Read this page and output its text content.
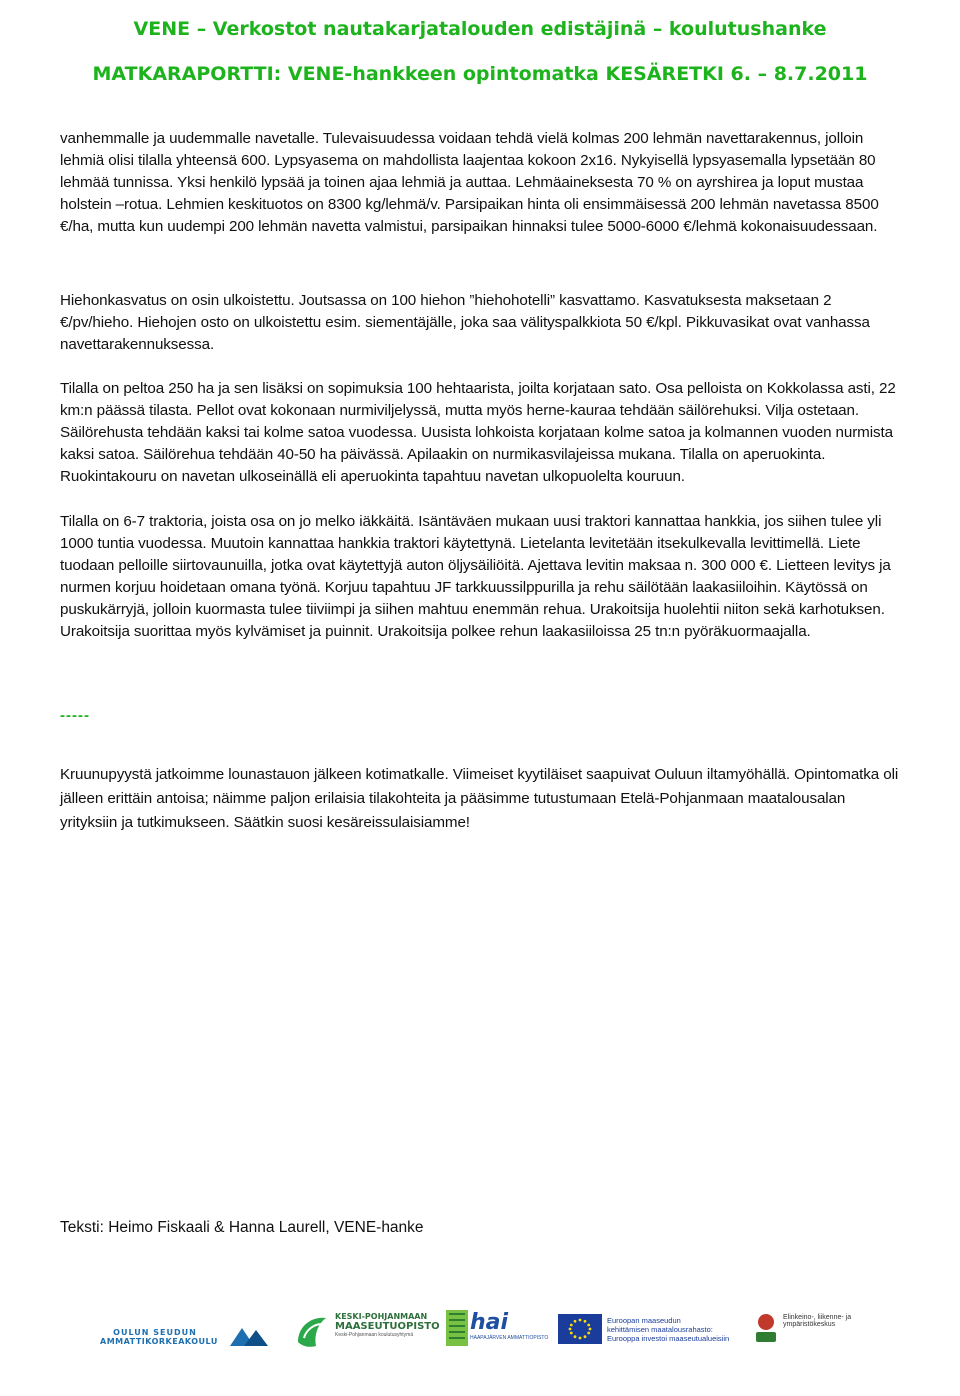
VENE – Verkostot nautakarjatalouden edistäjinä – koulutushanke
MATKARAPORTTI: VENE-hankkeen opintomatka KESÄRETKI 6. – 8.7.2011

vanhemmalle ja uudemmalle navetalle. Tulevaisuudessa voidaan tehdä vielä kolmas 200 lehmän navettarakennus, jolloin lehmiä olisi tilalla yhteensä 600. Lypsyasema on mahdollista laajentaa kokoon 2x16. Nykyisellä lypsyasemalla lypsetään 80 lehmää tunnissa. Yksi henkilö lypsää ja toinen ajaa lehmiä ja auttaa. Lehmäaineksesta 70 % on ayrshirea ja loput mustaa holstein –rotua. Lehmien keskituotos on 8300 kg/lehmä/v. Parsipaikan hinta oli ensimmäisessä 200 lehmän navetassa 8500 €/ha, mutta kun uudempi 200 lehmän navetta valmistui, parsipaikan hinnaksi tulee 5000-6000 €/lehmä kokonaisuudessaan.

Hiehonkasvatus on osin ulkoistettu. Joutsassa on 100 hiehon ”hiehohotelli” kasvattamo. Kasvatuksesta maksetaan 2 €/pv/hieho. Hiehojen osto on ulkoistettu esim. siementäjälle, joka saa välityspalkkiota 50 €/kpl. Pikkuvasikat ovat vanhassa navettarakennuksessa.

Tilalla on peltoa 250 ha ja sen lisäksi on sopimuksia 100 hehtaarista, joilta korjataan sato. Osa pelloista on Kokkolassa asti, 22 km:n päässä tilasta. Pellot ovat kokonaan nurmiviljelyssä, mutta myös herne-kauraa tehdään säilörehuksi. Vilja ostetaan. Säilörehusta tehdään kaksi tai kolme satoa vuodessa. Uusista lohkoista korjataan kolme satoa ja kolmannen vuoden nurmista kaksi satoa. Säilörehua tehdään 40-50 ha päivässä. Apilaakin on nurmikasvilajeissa mukana. Tilalla on aperuokinta. Ruokintakouru on navetan ulkoseinällä eli aperuokinta tapahtuu navetan ulkopuolelta kouruun.

Tilalla on 6-7 traktoria, joista osa on jo melko iäkkäitä. Isäntäväen mukaan uusi traktori kannattaa hankkia, jos siihen tulee yli 1000 tuntia vuodessa. Muutoin kannattaa hankkia traktori käytettynä. Lietelanta levitetään itsekulkevalla levittimellä. Liete tuodaan pelloille siirtovaunuilla, jotka ovat käytettyjä auton öljysäiliöitä. Ajettava levitin maksaa n. 300 000 €. Lietteen levitys ja nurmen korjuu hoidetaan omana työnä. Korjuu tapahtuu JF tarkkuussilppurilla ja rehu säilötään laakasiiloihin. Käytössä on puskukärryjä, jolloin kuormasta tulee tiiviimpi ja siihen mahtuu enemmän rehua. Urakoitsija huolehtii niiton sekä karhotuksen. Urakoitsija suorittaa myös kylvämiset ja puinnit. Urakoitsija polkee rehun laakasiiloissa 25 tn:n pyöräkuormaajalla.

-----

Kruunupyystä jatkoimme lounastauon jälkeen kotimatkalle. Viimeiset kyytiläiset saapuivat Ouluun iltamyöhällä. Opintomatka oli jälleen erittäin antoisa; näimme paljon erilaisia tilakohteita ja pääsimme tutustumaan Etelä-Pohjanmaan maatalousalan yrityksiin ja tutkimukseen. Säätkin suosi kesäreissulaisiamme!

Teksti: Heimo Fiskaali & Hanna Laurell, VENE-hanke
OULUN SEUDUN
AMMATTIKORKEAKOULU
KESKI-POHJANMAAN
MAASEUTUOPISTO
Keski-Pohjanmaan koulutusyhtymä	hai
HAAPAJÄRVEN AMMATTIOPISTO
Euroopan maaseudun
kehittämisen maatalousrahasto:
Eurooppa investoi maaseutualueisiin
Elinkeino-, liikenne- ja
ympäristökeskus
